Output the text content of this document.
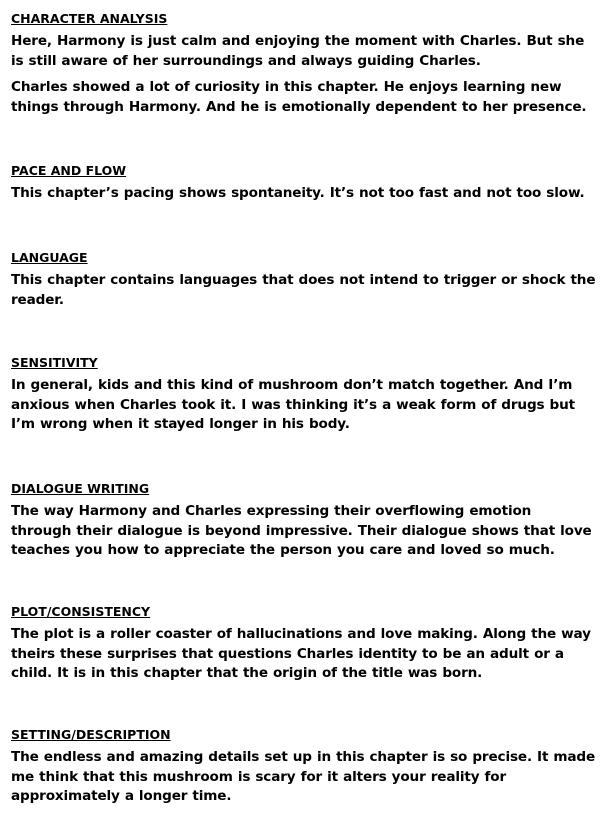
CHARACTER ANALYSIS

Here, Harmony is just calm and enjoying the moment with Charles. But she is still aware of her surroundings and always guiding Charles.

Charles showed a lot of curiosity in this chapter. He enjoys learning new things through Harmony. And he is emotionally dependent to her presence.

PACE AND FLOW

This chapter’s pacing shows spontaneity. It’s not too fast and not too slow.

LANGUAGE

This chapter contains languages that does not intend to trigger or shock the reader.

SENSITIVITY

In general, kids and this kind of mushroom don’t match together. And I’m anxious when Charles took it. I was thinking it’s a weak form of drugs but I’m wrong when it stayed longer in his body.

DIALOGUE WRITING

The way Harmony and Charles expressing their overflowing emotion through their dialogue is beyond impressive. Their dialogue shows that love teaches you how to appreciate the person you care and loved so much.

PLOT/CONSISTENCY

The plot is a roller coaster of hallucinations and love making. Along the way theirs these surprises that questions Charles identity to be an adult or a child. It is in this chapter that the origin of the title was born.

SETTING/DESCRIPTION

The endless and amazing details set up in this chapter is so precise. It made me think that this mushroom is scary for it alters your reality for approximately a longer time.
